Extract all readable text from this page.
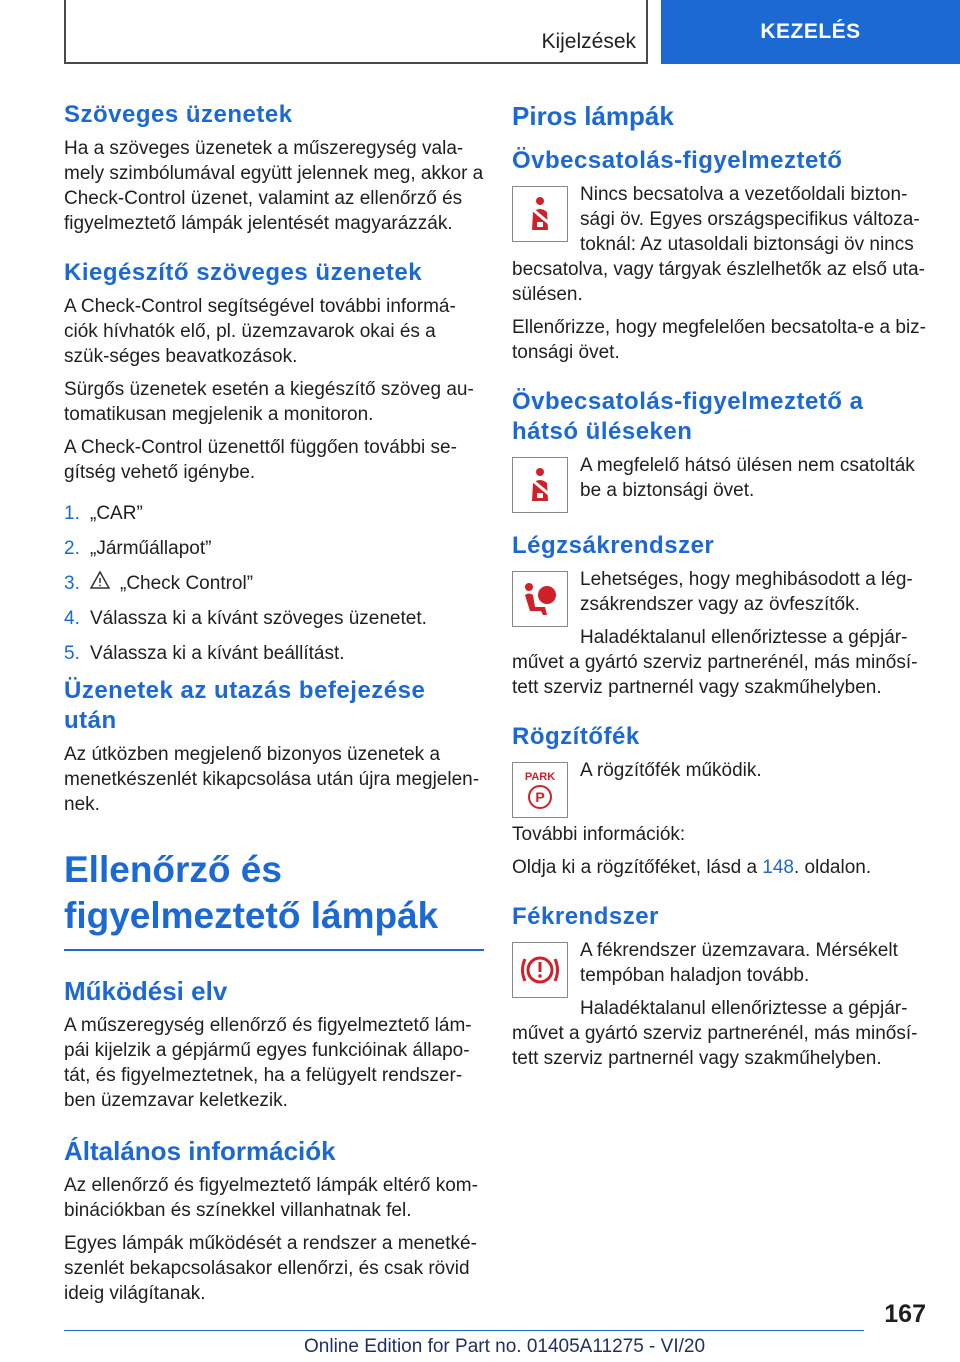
Kijelzések	KEZELÉS
Szöveges üzenetek

Ha a szöveges üzenetek a műszeregység vala-mely szimbólumával együtt jelennek meg, akkor a Check-Control üzenet, valamint az ellenőrző és figyelmeztető lámpák jelentését magyarázzák.

Kiegészítő szöveges üzenetek

A Check-Control segítségével további informá-ciók hívhatók elő, pl. üzemzavarok okai és a szük-séges beavatkozások.

Sürgős üzenetek esetén a kiegészítő szöveg au-tomatikusan megjelenik a monitoron.

A Check-Control üzenettől függően további se-gítség vehető igénybe.

1. „CAR”
2. „Járműállapot”
3.	„Check Control”
4. Válassza ki a kívánt szöveges üzenetet.
5. Válassza ki a kívánt beállítást.
Üzenetek az utazás befejezése után

Az útközben megjelenő bizonyos üzenetek a menetkészenlét kikapcsolása után újra megjelen-nek.

Ellenőrző és figyelmeztető lámpák
Működési elv

A műszeregység ellenőrző és figyelmeztető lám-pái kijelzik a gépjármű egyes funkcióinak állapo-tát, és figyelmeztetnek, ha a felügyelt rendszer-ben üzemzavar keletkezik.

Általános információk

Az ellenőrző és figyelmeztető lámpák eltérő kom-binációkban és színekkel villanhatnak fel.

Egyes lámpák működését a rendszer a menetké-szenlét bekapcsolásakor ellenőrzi, és csak rövid ideig világítanak.

Piros lámpák
Övbecsatolás-figyelmeztető

Nincs becsatolva a vezetőoldali bizton-sági öv. Egyes országspecifikus változa-toknál: Az utasoldali biztonsági öv nincs becsatolva, vagy tárgyak észlelhetők az első uta-sülésen.

Ellenőrizze, hogy megfelelően becsatolta-e a biz-tonsági övet.

Övbecsatolás-figyelmeztető a hátsó üléseken

A megfelelő hátsó ülésen nem csatolták be a biztonsági övet.

Légzsákrendszer

Lehetséges, hogy meghibásodott a lég-zsákrendszer vagy az övfeszítők.

Haladéktalanul ellenőriztesse a gépjár-művet a gyártó szerviz partnerénél, más minősí-tett szerviz partnernél vagy szakműhelyben.

Rögzítőfék
PARK
P

A rögzítőfék működik.

További információk:

Oldja ki a rögzítőféket, lásd a 148. oldalon.

Fékrendszer

A fékrendszer üzemzavara. Mérsékelt tempóban haladjon tovább.

Haladéktalanul ellenőriztesse a gépjár-művet a gyártó szerviz partnerénél, más minősí-tett szerviz partnernél vagy szakműhelyben.

167
Online Edition for Part no. 01405A11275 - VI/20
